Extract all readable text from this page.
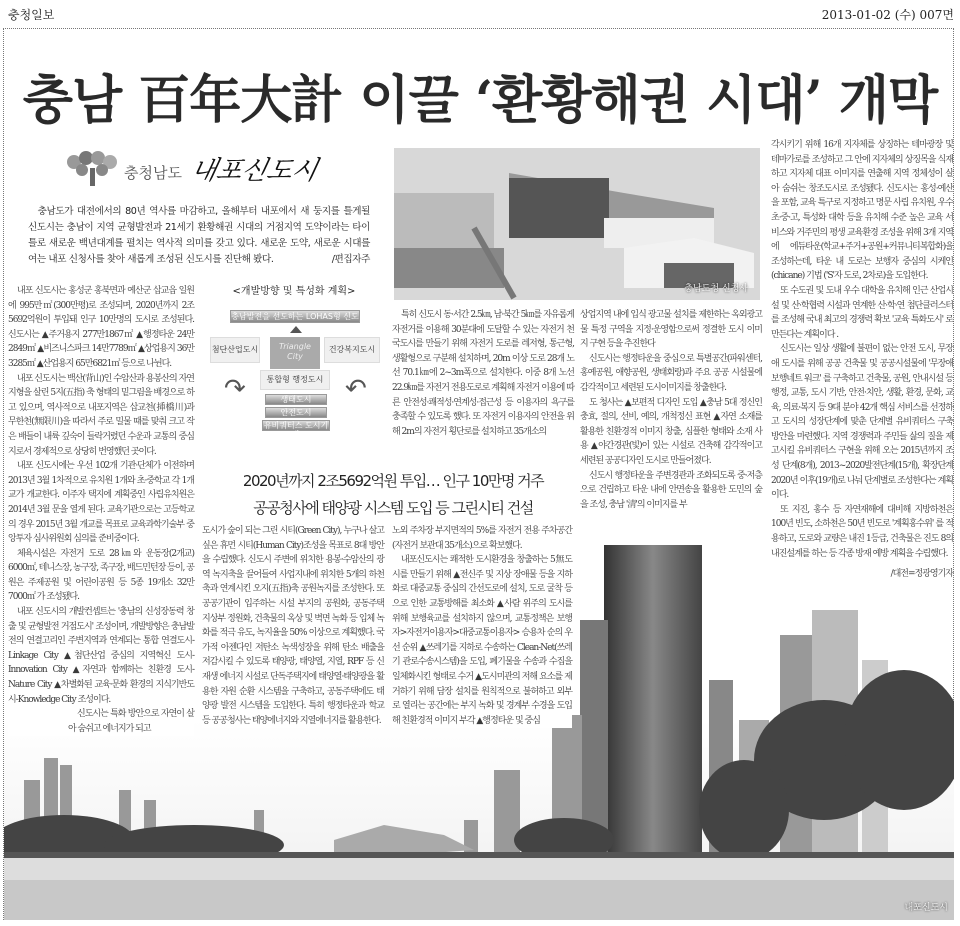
충청일보	2013-01-02 (수) 007면
충남 百年大計 이끌 ‘환황해권 시대’ 개막
충청남도 내포신도시
충남도가 대전에서의 80년 역사를 마감하고, 올해부터 내포에서 새 둥지를 틀게될 신도시는 충남이 지역 균형발전과 21세기 환황해권 시대의 거점지역 도약이라는 타이틀로 새로운 백년대계를 펼치는 역사적 의미를 갖고 있다. 새로운 도약, 새로운 시대를 여는 내포 신청사를 찾아 새롭게 조성된 신도시를 진단해 봤다.	/편집자주
충남도청 신청사
<개발방향 및 특성화 계획>
충남발전을 선도하는 LOHAS형 신도시
첨단산업도시	Triangle City
건강복지도시
통합형 행정도시
↷	↶
생태도시
안전도시
유비쿼터스 도시기반

내포 신도시는 홍성군 홍북면과 예산군 삽교읍 일원에 995만㎡(300만평)로 조성되며, 2020년까지 2조5692억원이 투입돼 인구 10만명의 도시로 조성된다. 신도시는 ▲주거용지 277만1867㎡ ▲행정타운 24만2849㎡ ▲비즈니스파크 14만7789㎡ ▲상업용지 36만3285㎡ ▲산업용지 65만6821㎡ 등으로 나뉜다.

내포 신도시는 백산(背山)인 수암산과 용봉산의 자연 지형을 살린 5지(五指) 축 형태의 밑그림을 배경으로 하고 있으며, 역사적으로 내포지역은 삽교천(揷橋川)과 무한천(無限川)을 따라서 주로 밀물 때를 맞춰 크고 작은 배들이 내륙 깊숙이 들락거렸던 수운과 교통의 중심지로서 경제적으로 상당히 번영했던 곳이다.

내포 신도시에는 우선 102개 기관·단체가 이전하며 2013년 3월 1차적으로 유치원 1개와 초·중학교 각 1개교가 개교한다. 이주자 택지에 계획중인 사립유치원은 2014년 3월 문을 열게 된다. 교육기관으로는 고등학교의 경우 2015년 3월 개교를 목표로 교육과학기술부 중앙투자 심사위원회 심의를 준비중이다.

체육시설은 자전거 도로 28㎞와 운동장(2개교) 6000㎡, 테니스장, 농구장, 족구장, 배드민턴장 등이, 공원은 주제공원 및 어린이공원 등 5종 19개소 32만7000㎡ 가 조성됐다.

내포 신도시의 개발컨셉트는 '충남의 신성장동력 창출 및 균형발전 거점도시' 조성이며, 개발방향은 충남발전의 연결고리인 주변지역과 연계되는 통합 연결도시-Linkage City ▲첨단산업 중심의 지역혁신 도시-Innovation City ▲자연과 함께하는 친환경 도시-Nature City ▲차별화된 교육·문화 환경의 지식기반도시-Knowledge City 조성이다.

신도시는 특화 방안으로 자연이 살아 숨쉬고 에너지가 되고

특히 신도시 동·서간 2.5㎞, 남·북간 5㎞를 자유롭게 자전거를 이용해 30분대에 도달할 수 있는 자전거 천국도시를 만들기 위해 자전거 도로를 레저형, 통근형, 생활형으로 구분해 설치하며, 20m 이상 도로 28개 노선 70.1㎞에 2~3m폭으로 설치한다. 이중 8개 노선 22.9㎞를 자전거 전용도로로 계획해 자전거 이용에 따른 안전성·쾌적성·연계성·접근성 등 이용자의 욕구를 충족할 수 있도록 했다. 또 자전거 이용자의 안전을 위해 2m의 자전거 횡단로를 설치하고 35개소의

상업지역 내에 입식 광고물 설치를 제한하는 옥외광고물 특정 구역을 지정·운영함으로써 정결한 도시 이미지 구현 등을 추진한다

신도시는 행정타운을 중심으로 특별공간(파워센터, 홍예공원, 애향공원, 생태회랑)과 주요 공공 시설물에 감각적이고 세련된 도시이미지를 창출한다.

도 청사는 ▲보편적 디자인 도입 ▲충남 5대 정신인 충효, 절의, 선비, 예의, 개척정신 표현 ▲자연 소재를 활용한 친환경적 이미지 창출, 심플한 형태와 소재 사용 ▲야간경관(빛)이 있는 시설로 건축해 감각적이고 세련된 공공디자인 도시로 만들어졌다.

신도시 행정타운을 주변경관과 조화되도록 중·저층으로 건립하고 타운 내에 안면송을 활용한 도민의 숲을 조성, 충남 '淸'의 이미지를 부

2020년까지 2조5692억원 투입… 인구 10만명 거주
공공청사에 태양광 시스템 도입 등 그린시티 건설

도시가 숲이 되는 그린 시티(Green City), 누구나 살고 싶은 휴먼 시티(Human City)조성을 목표로 8대 방안을 수립했다. 신도시 주변에 위치한 용봉·수암산의 광역 녹지축을 끌어들여 사업지내에 위치한 5개의 하천축과 연계시킨 오지(五指)축 공원녹지를 조성한다. 또 공공기관이 입주하는 시설 부지의 공원화, 공동주택 지상부 정원화, 건축물의 옥상 및 벽면 녹화 등 입체 녹화를 적극 유도, 녹지율을 50% 이상으로 계획했다. 국가적 아젠다인 저탄소 녹색성장을 위해 탄소 배출을 저감시킬 수 있도록 태양광, 태양열, 지열, RPF 등 신재생 에너지 시설로 단독주택지에 태양열·태양광을 활용한 자원 순환 시스템을 구축하고, 공동주택에도 태양광 발전 시스템을 도입한다. 특히 행정타운과 학교 등 공공청사는 태양에너지와 지열에너지를 활용한다.

노외 주차장 부지면적의 5%를 자전거 전용 주차공간(자전거 보관대 35개소)으로 확보했다.

내포신도시는 쾌적한 도시환경을 창출하는 5無도시를 만들기 위해 ▲전신주 및 지상 장애물 등을 지하화로 대중교통 중심의 간선도로에 설치, 도로 굴착 등으로 인한 교통방해를 최소화 ▲사람 위주의 도시를 위해 보행육교를 설치하지 않으며, 교통정책은 보행자>자전거이용자>대중교통이용자> 승용차 순의 우선 순위 ▲쓰레기를 지하로 수송하는 Clean-Net(쓰레기 관로수송시스템)을 도입, 폐기물을 수송과 수집을 일체화시킨 형태로 수거 ▲도시미관의 저해 요소를 제거하기 위해 담장 설치를 원칙적으로 불허하고 외부로 열리는 공간에는 부지 녹화 및 경계부 수경을 도입해 친환경적 이미지 부각 ▲행정타운 및 중심

각시키기 위해 16개 지자체를 상징하는 테마광장 및 테마가로를 조성하고 그 안에 지자체의 상징목을 식재하고 지자체 대표 이미지를 연출해 지역 정체성이 살아 숨쉬는 창조도시로 조성됐다. 신도시는 홍성·예산을 포함, 교육 특구로 지정하고 명문 사립 유치원, 우수 초·중·고, 특성화 대학 등을 유치해 수준 높은 교육 서비스와 거주민의 평생 교육환경 조성을 위해 3개 지역에 에듀타운(학교+주거+공원+커뮤니티복합화)을 조성하는데, 타운 내 도로는 보행자 중심의 시케인(chicane) 기법 ('S'자 도로, 2차로)을 도입한다.

또 수도권 및 도내 우수 대학을 유치해 인근 산업시설 및 산·학협력 시설과 연계한 산·학·연 첨단클러스터를 조성해 국내 최고의 경쟁력 확보 '교육 특화도시' 로 만든다는 계획이다 .

신도시는 일상 생활에 불편이 없는 안전 도시, 무장애 도시를 위해 공공 건축물 및 공공시설물에 '무장애 보행네트 워크' 를 구축하고 건축물, 공원, 안내시설 등 행정, 교통, 도시 기반, 안전·치안, 생활, 환경, 문화, 교육, 의료·복지 등 9대 분야 42개 핵심 서비스를 선정하고 도시의 성장단계에 맞춘 단계별 유비쿼터스 구축 방안을 마련했다. 지역 경쟁력과 주민들 삶의 질을 제고시킬 유비쿼터스 구현을 위해 오는 2015년까지 조성 단계(8개), 2013~2020발전단계(15개), 확장단계 2020년 이후(19개)로 나눠 단계별로 조성한다는 계획이다.

또 지진, 홍수 등 자연재해에 대비해 지방하천은 100년 빈도, 소하천은 50년 빈도로 '계획홍수위' 를 적용하고, 도로와 교량은 내진 1등급, 건축물은 진도 8의 내진설계를 하는 등 각종 방재 예방 계획을 수립했다.

/대전=정광영기자
내포신도시
